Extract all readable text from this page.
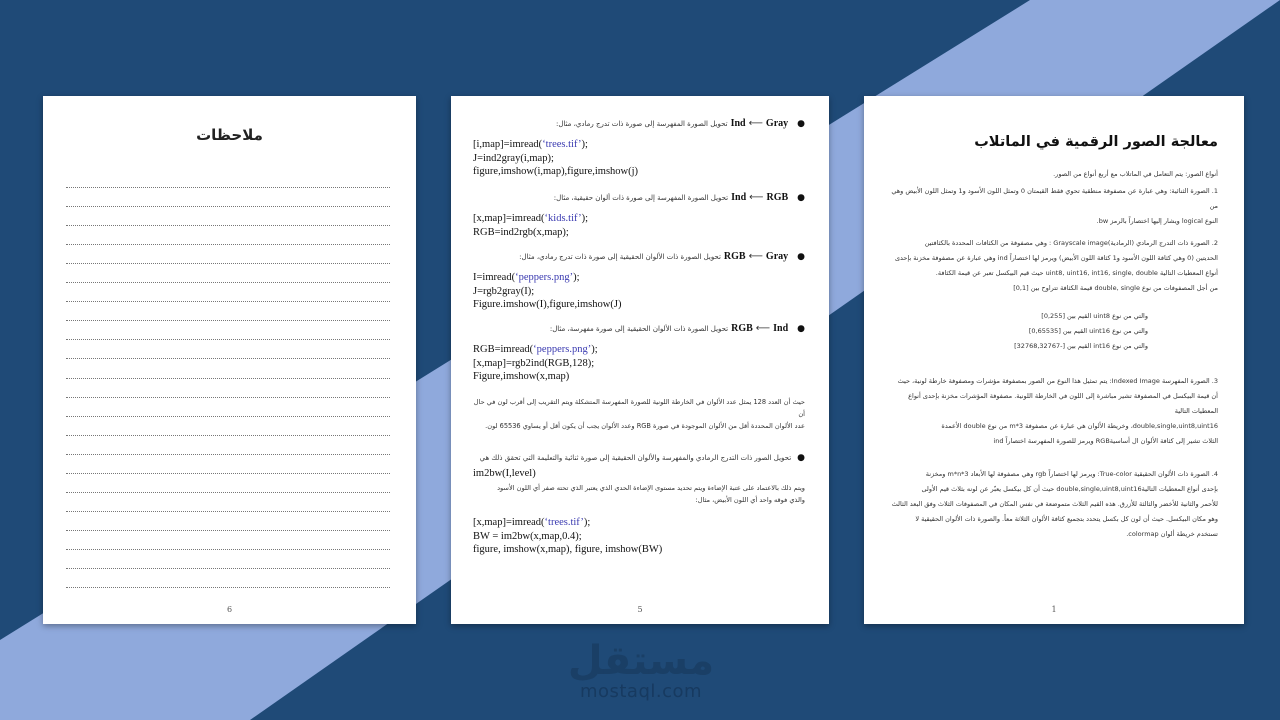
ملاحظات
6
●Ind ⟵ Grayتحويل الصورة المفهرسة إلى صورة ذات تدرج رمادي، مثال:
[i,map]=imread(‘trees.tif’);
J=ind2gray(i,map);
figure,imshow(i,map),figure,imshow(j)
●Ind ⟵ RGBتحويل الصورة المفهرسة إلى صورة ذات ألوان حقيقية، مثال:
[x,map]=imread(‘kids.tif’);
RGB=ind2rgb(x,map);
●RGB ⟵ Grayتحويل الصورة ذات الألوان الحقيقية إلى صورة ذات تدرج رمادي، مثال:
I=imread(‘peppers.png’);
J=rgb2gray(I);
Figure.imshow(I),figure,imshow(J)
●RGB ⟵ Indتحويل الصورة ذات الألوان الحقيقية إلى صورة مفهرسة، مثال:
RGB=imread(‘peppers.png’);
[x,map]=rgb2ind(RGB,128);
Figure,imshow(x,map)
حيث أن العدد 128 يمثل عدد الألوان في الخارطة اللونية للصورة المفهرسة المتشكلة ويتم التقريب إلى أقرب لون في حال أن
عدد الألوان المحددة أقل من الألوان الموجودة في صورة RGB وعدد الألوان يجب أن يكون أقل أو يساوي 65536 لون.
●تحويل الصور ذات التدرج الرمادي والمفهرسة والألوان الحقيقية إلى صورة ثنائية والتعليمة التي تحقق ذلك هي
im2bw(I,level)
ويتم ذلك بالاعتماد على عتبة الإضاءة ويتم تحديد مستوى الإضاءة الحدي الذي يعتبر الذي تحته صفر أي اللون الأسود
والذي فوقه واحد أي اللون الأبيض، مثال:
[x,map]=imread(‘trees.tif’);
BW = im2bw(x,map,0.4);
figure, imshow(x,map), figure, imshow(BW)
5
معالجة الصور الرقمية في الماتلاب
أنواع الصور: يتم التعامل في الماتلاب مع أربع أنواع من الصور.
1. الصورة الثنائية: وهي عبارة عن مصفوفة منطقية تحوي فقط القيمتان 0 وتمثل اللون الأسود و1 وتمثل اللون الأبيض وهي من
النوع logical ويشار إليها اختصاراً بالرمز bw.
2. الصورة ذات التدرج الرمادي (الرمادية)Grayscale image : وهي مصفوفة من الكثافات المحددة بالكثافتين
الحديتين (0 وهي كثافة اللون الأسود و1 كثافة اللون الأبيض) ويرمز لها اختصاراً ind وهي عبارة عن مصفوفة مخزنة بإحدى
أنواع المعطيات التالية uint8, uint16, int16, single, double حيث قيم البيكسل تعبر عن قيمة الكثافة.
من أجل المصفوفات من نوع double, single قيمة الكثافة تتراوح بين [0,1]
والتي من نوع uint8 القيم بين [0,255]
والتي من نوع uint16 القيم بين [0,65535]
والتي من نوع int16 القيم بين [-32768,32767]
3. الصورة المفهرسة Indexed Image: يتم تمثيل هذا النوع من الصور بمصفوفة مؤشرات ومصفوفة خارطة لونية، حيث
أن قيمة البيكسل في المصفوفة تشير مباشرة إلى اللون في الخارطة اللونية. مصفوفة المؤشرات مخزنة بإحدى أنواع المعطيات التالية
double,single,uint8,uint16، وخريطة الألوان هي عبارة عن مصفوفة m*3 من نوع double الأعمدة
الثلاث تشير إلى كثافة الألوان ال أساسيةRGB ويرمز للصورة المفهرسة اختصاراً ind
4. الصورة ذات الألوان الحقيقية True-color: ويرمز لها اختصاراً rgb وهي مصفوفة لها الأبعاد m*n*3 ومخزنة
بإحدى أنواع المعطيات التاليةdouble,single,uint8,uint16 حيث أن كل بيكسل يعبّر عن لونه بثلاث قيم الأولى
للأحمر والثانية للأخضر والثالثة للأزرق. هذه القيم الثلاث متموضعة في نفس المكان في المصفوفات الثلاث وفق البعد الثالث
وهو مكان البيكسل. حيث أن لون كل بكسل يتحدد بتجميع كثافة الألوان الثلاثة معاً. والصورة ذات الألوان الحقيقية لا
تستخدم خريطة ألوان colormap.
1
مستقل
mostaql.com
